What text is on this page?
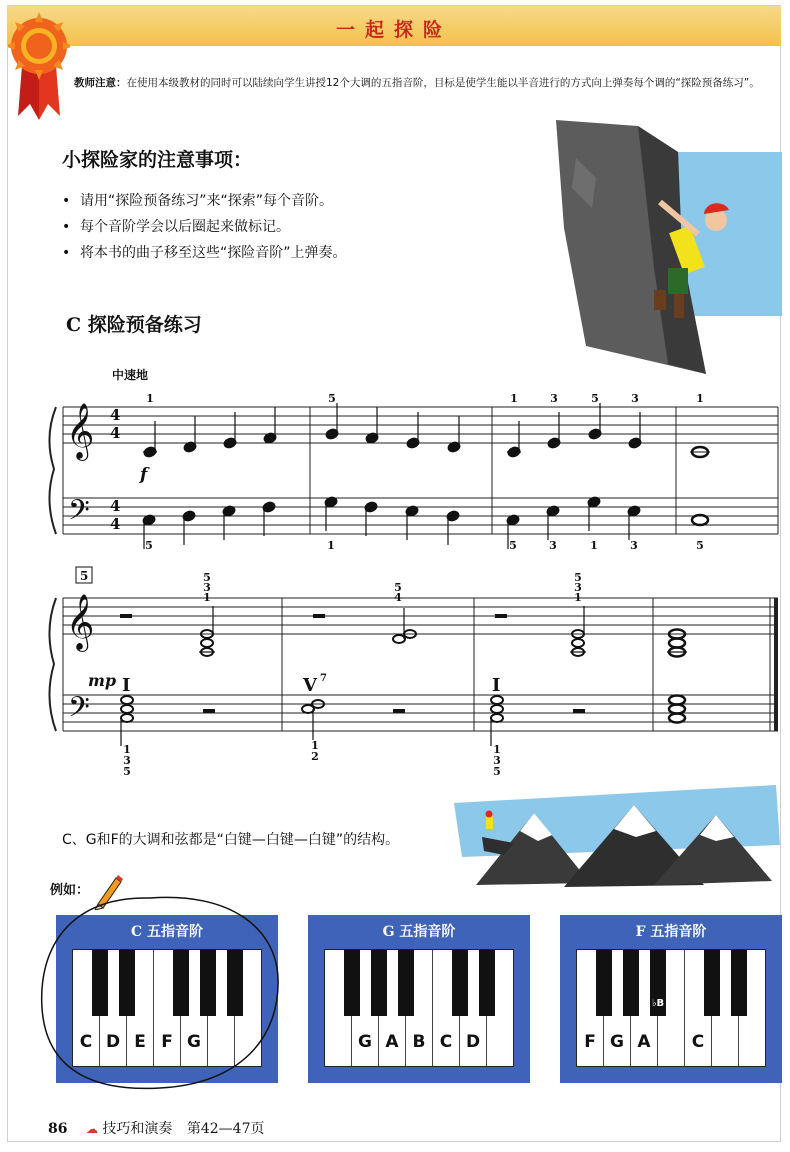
一起探险
教师注意：在使用本级教材的同时可以陆续向学生讲授12个大调的五指音阶，目标是使学生能以半音进行的方式向上弹奏每个调的“探险预备练习”。
小探险家的注意事项：
• 请用“探险预备练习”来“探索”每个音阶。
• 每个音阶学会以后圈起来做标记。
• 将本书的曲子移至这些“探险音阶”上弹奏。
C 探险预备练习
中速地
𝄞
𝄢
𝄞
𝄢
4
4
4
4
5
f
mp I	V 7	I
1	5	1	3	5	3	1
5	1	5	3	1	3	5
5
3
1
5
4
5
3
1
1
3
5
1
2
1
3
5
C、G和F的大调和弦都是“白键—白键—白键”的结构。
例如：
C 五指音阶
C D E F G
G 五指音阶
G A B C D
F 五指音阶
♭B
F G A	C
86 ☁ 技巧和演奏 第42—47页
